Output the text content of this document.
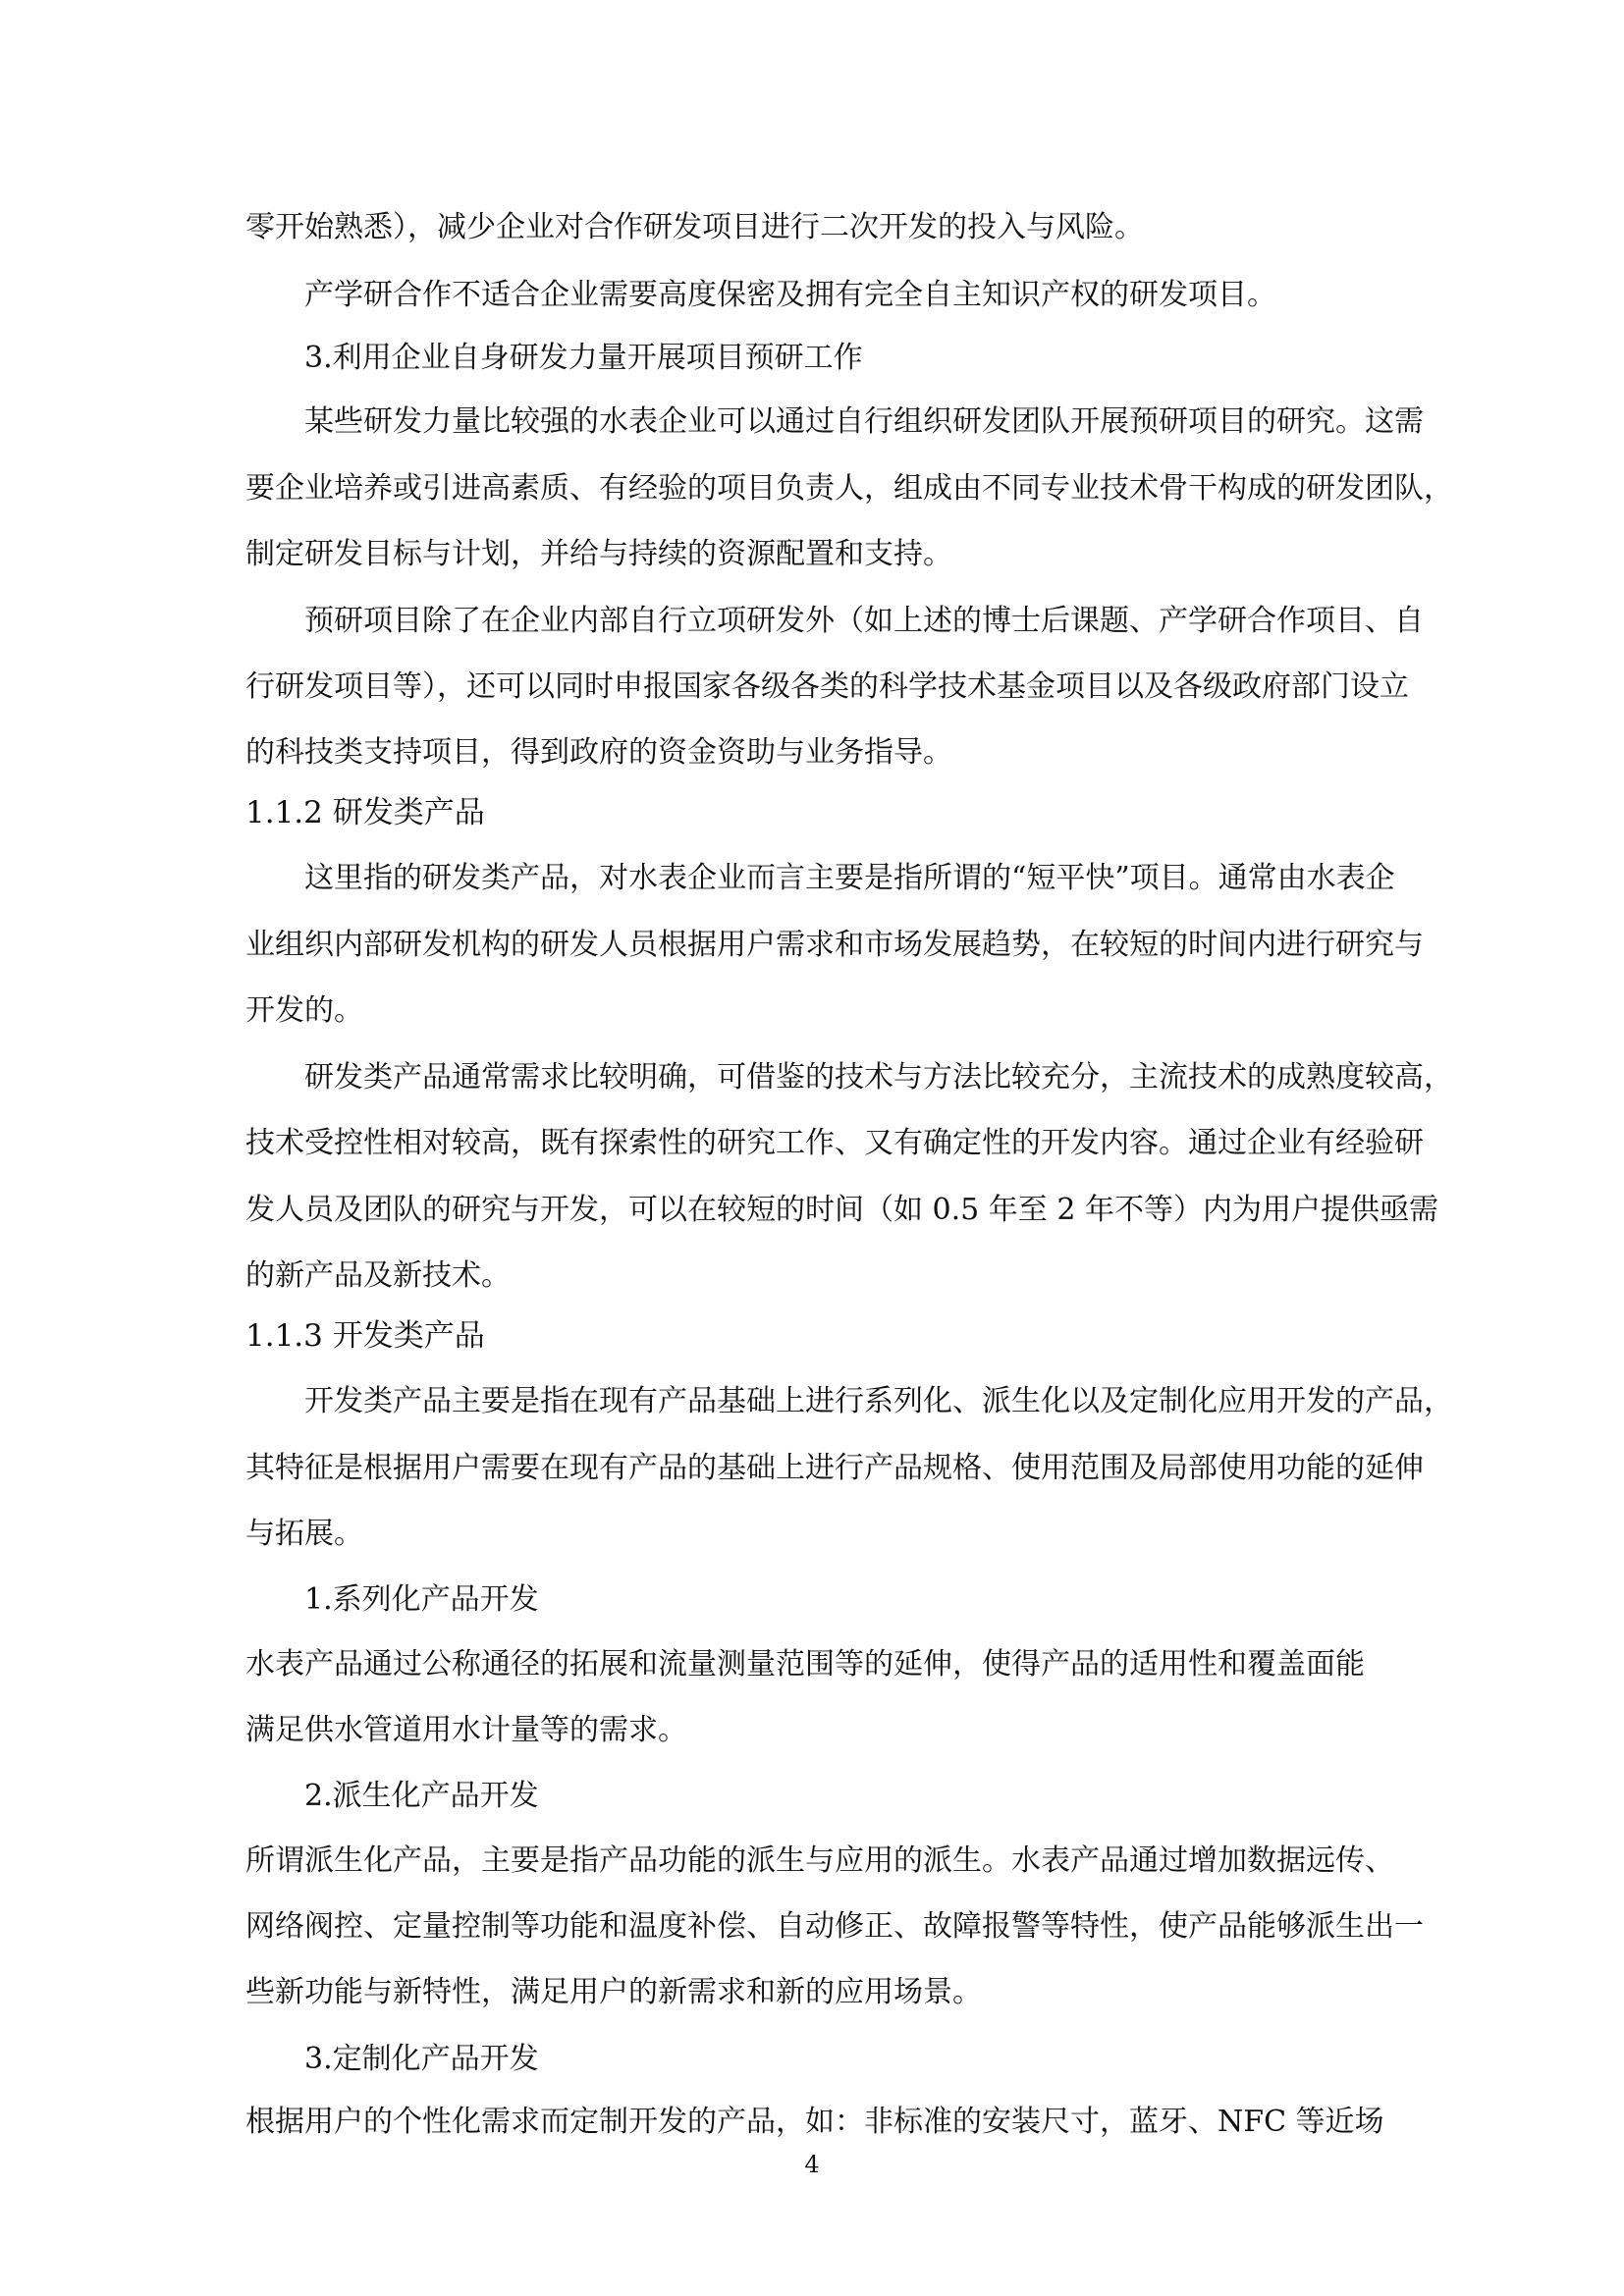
零开始熟悉），减少企业对合作研发项目进行二次开发的投入与风险。
产学研合作不适合企业需要高度保密及拥有完全自主知识产权的研发项目。
3.利用企业自身研发力量开展项目预研工作
某些研发力量比较强的水表企业可以通过自行组织研发团队开展预研项目的研究。这需
要企业培养或引进高素质、有经验的项目负责人，组成由不同专业技术骨干构成的研发团队，
制定研发目标与计划，并给与持续的资源配置和支持。
预研项目除了在企业内部自行立项研发外（如上述的博士后课题、产学研合作项目、自
行研发项目等），还可以同时申报国家各级各类的科学技术基金项目以及各级政府部门设立
的科技类支持项目，得到政府的资金资助与业务指导。
1.1.2 研发类产品
这里指的研发类产品，对水表企业而言主要是指所谓的“短平快”项目。通常由水表企
业组织内部研发机构的研发人员根据用户需求和市场发展趋势，在较短的时间内进行研究与
开发的。
研发类产品通常需求比较明确，可借鉴的技术与方法比较充分，主流技术的成熟度较高，
技术受控性相对较高，既有探索性的研究工作、又有确定性的开发内容。通过企业有经验研
发人员及团队的研究与开发，可以在较短的时间（如 0.5 年至 2 年不等）内为用户提供亟需
的新产品及新技术。
1.1.3 开发类产品
开发类产品主要是指在现有产品基础上进行系列化、派生化以及定制化应用开发的产品，
其特征是根据用户需要在现有产品的基础上进行产品规格、使用范围及局部使用功能的延伸
与拓展。
1.系列化产品开发
水表产品通过公称通径的拓展和流量测量范围等的延伸，使得产品的适用性和覆盖面能
满足供水管道用水计量等的需求。
2.派生化产品开发
所谓派生化产品，主要是指产品功能的派生与应用的派生。水表产品通过增加数据远传、
网络阀控、定量控制等功能和温度补偿、自动修正、故障报警等特性，使产品能够派生出一
些新功能与新特性，满足用户的新需求和新的应用场景。
3.定制化产品开发
根据用户的个性化需求而定制开发的产品，如：非标准的安装尺寸，蓝牙、NFC 等近场
4
